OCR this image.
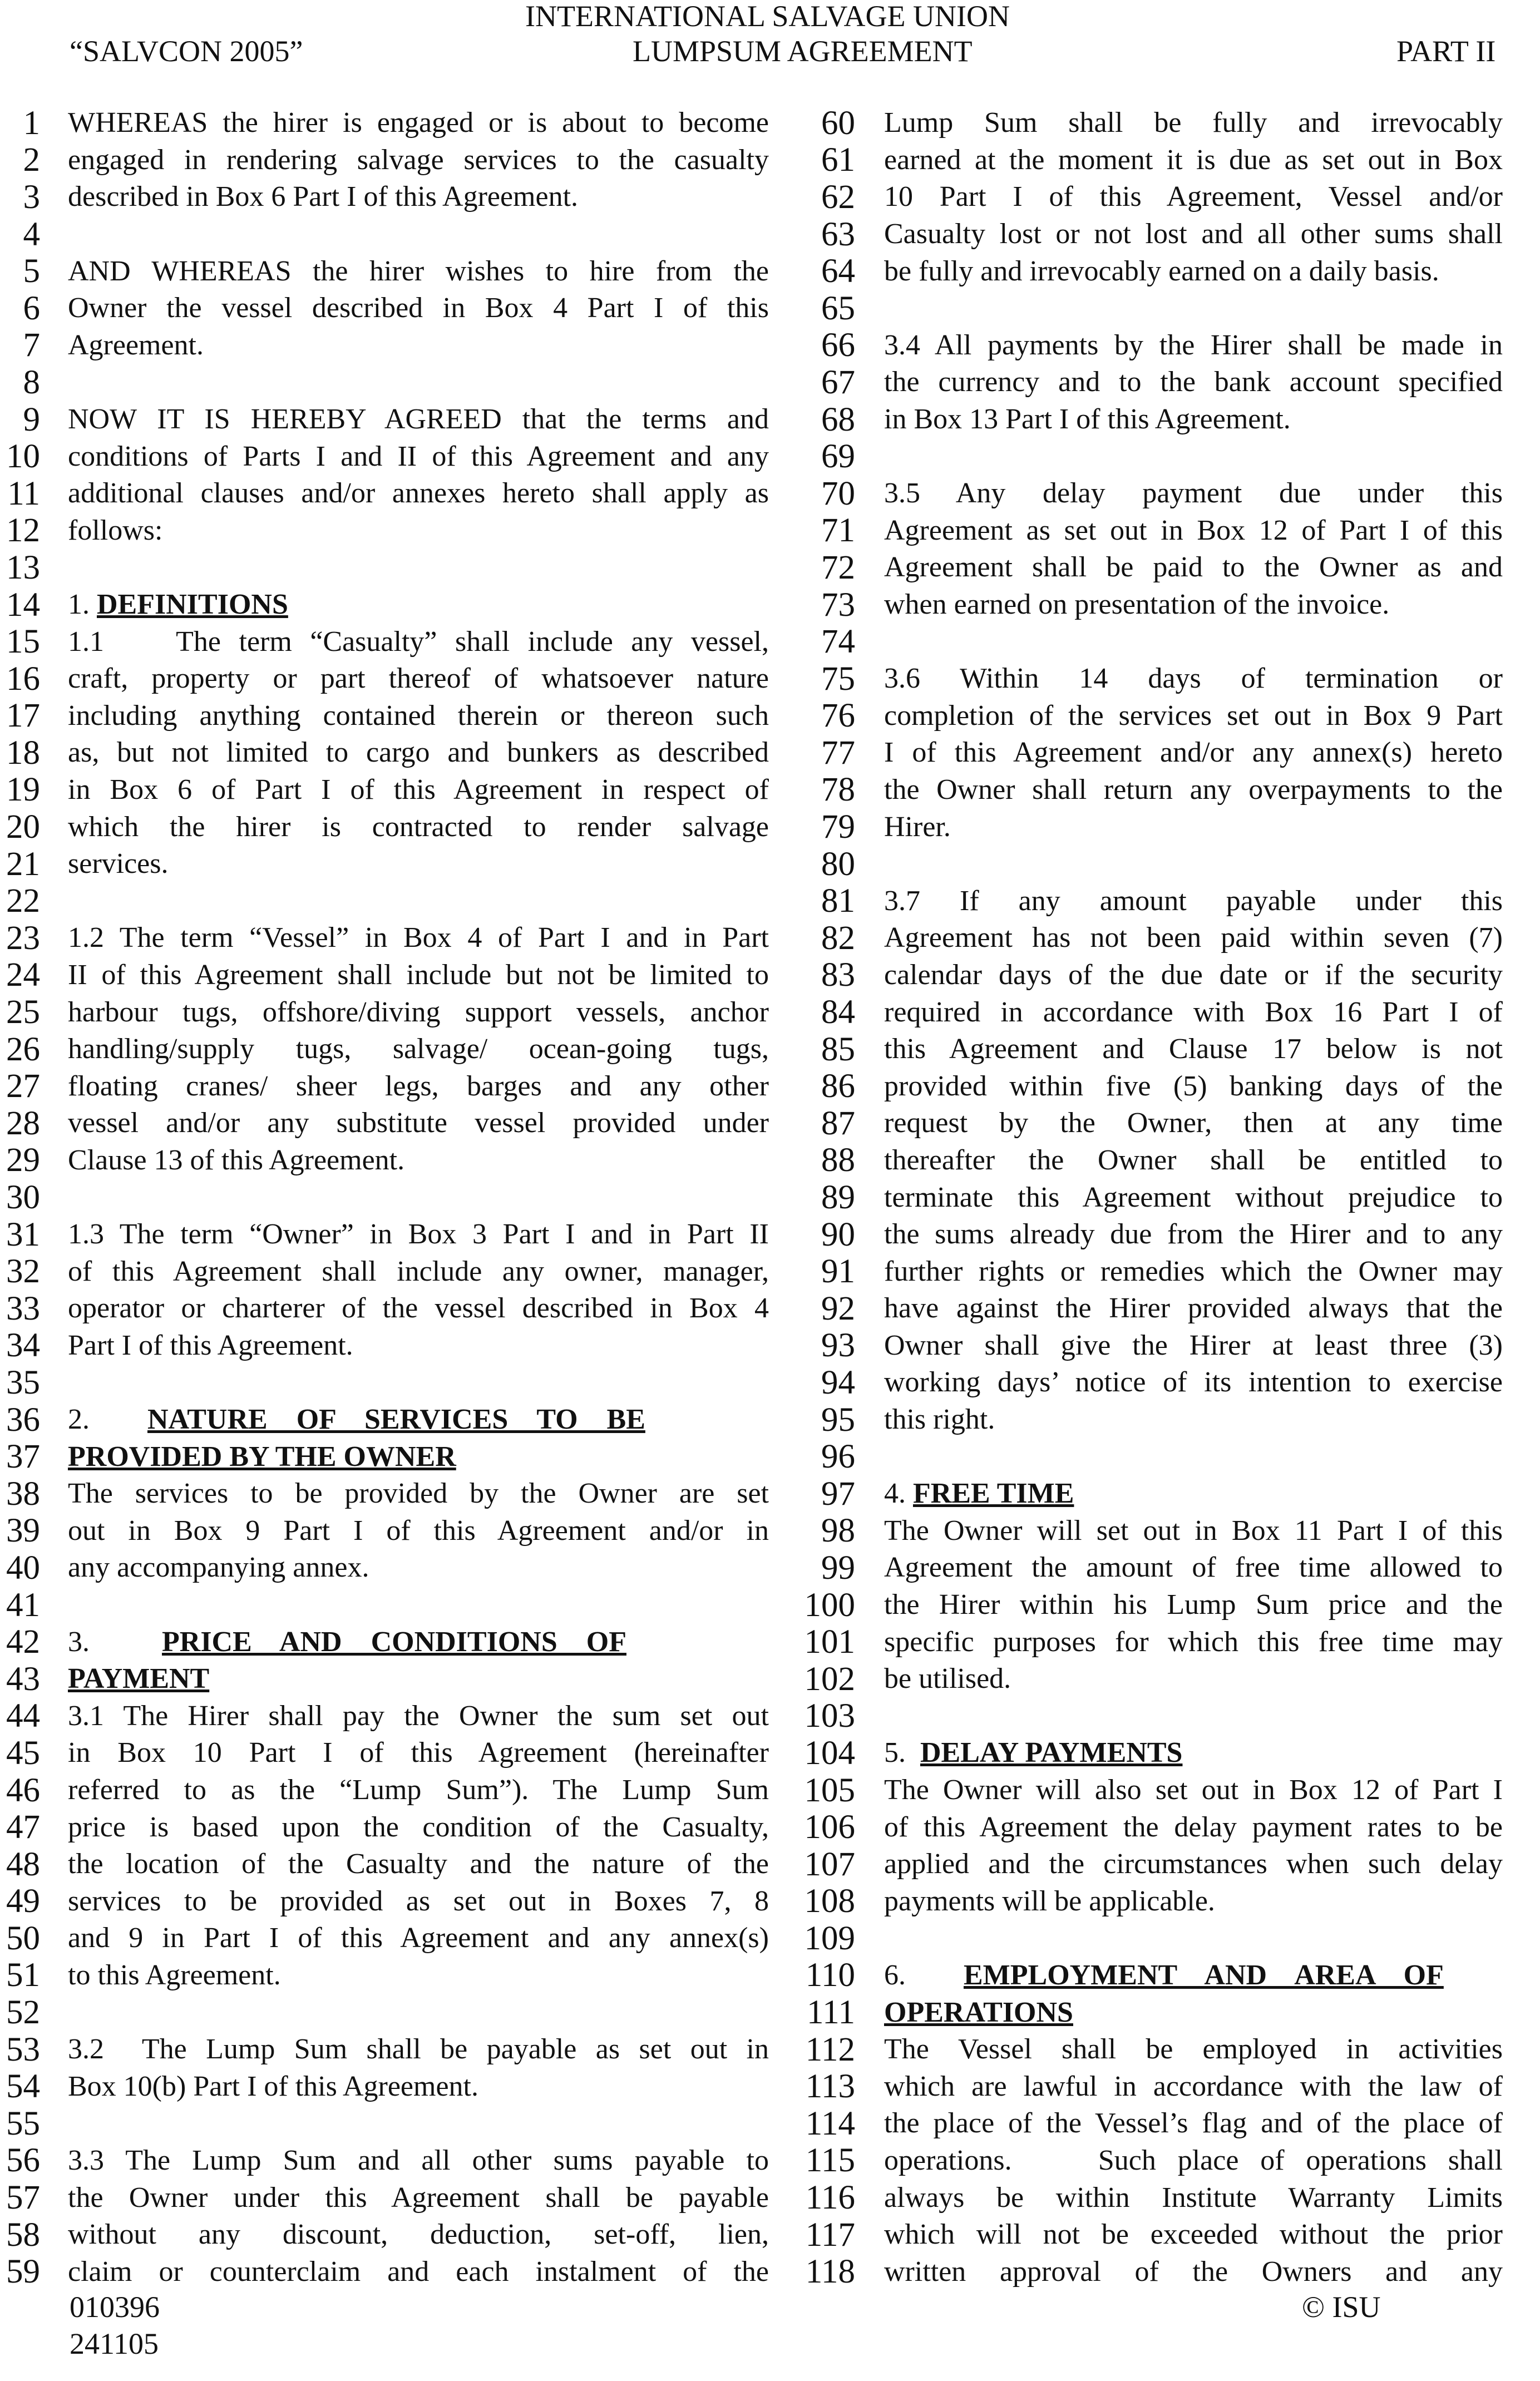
“SALVCON 2005”
INTERNATIONAL SALVAGE UNION
LUMPSUM AGREEMENT	PART II
1 WHEREAS the hirer is engaged or is about to become
2 engaged in rendering salvage services to the casualty
3 described in Box 6 Part I of this Agreement.
4
5 AND WHEREAS the hirer wishes to hire from the
6 Owner the vessel described in Box 4 Part I of this
7 Agreement.
8
9 NOW IT IS HEREBY AGREED that the terms and
10 conditions of Parts I and II of this Agreement and any
11 additional clauses and/or annexes hereto shall apply as
12 follows:
13
14 1. DEFINITIONS
15 1.1    The term “Casualty” shall include any vessel,
16 craft, property or part thereof of whatsoever nature
17 including anything contained therein or thereon such
18 as, but not limited to cargo and bunkers as described
19 in Box 6 of Part I of this Agreement in respect of
20 which the hirer is contracted to render salvage
21 services.
22
23 1.2 The term “Vessel” in Box 4 of Part I and in Part
24 II of this Agreement shall include but not be limited to
25 harbour tugs, offshore/diving support vessels, anchor
26 handling/supply tugs, salvage/ ocean-going tugs,
27 floating cranes/ sheer legs, barges and any other
28 vessel and/or any substitute vessel provided under
29 Clause 13 of this Agreement.
30
31 1.3 The term “Owner” in Box 3 Part I and in Part II
32 of this Agreement shall include any owner, manager,
33 operator or charterer of the vessel described in Box 4
34 Part I of this Agreement.
35
36 2.        NATURE    OF    SERVICES    TO    BE
37 PROVIDED BY THE OWNER
38 The services to be provided by the Owner are set
39 out in Box 9 Part I of this Agreement and/or in
40 any accompanying annex.
41
42 3.          PRICE    AND    CONDITIONS    OF
43 PAYMENT
44 3.1 The Hirer shall pay the Owner the sum set out
45 in Box 10 Part I of this Agreement (hereinafter
46 referred to as the “Lump Sum”). The Lump Sum
47 price is based upon the condition of the Casualty,
48 the location of the Casualty and the nature of the
49 services to be provided as set out in Boxes 7, 8
50 and 9 in Part I of this Agreement and any annex(s)
51 to this Agreement.
52
53 3.2  The Lump Sum shall be payable as set out in
54 Box 10(b) Part I of this Agreement.
55
56 3.3 The Lump Sum and all other sums payable to
57 the Owner under this Agreement shall be payable
58 without any discount, deduction, set-off, lien,
59 claim or counterclaim and each instalment of the
60 Lump Sum shall be fully and irrevocably
61 earned at the moment it is due as set out in Box
62 10 Part I of this Agreement, Vessel and/or
63 Casualty lost or not lost and all other sums shall
64 be fully and irrevocably earned on a daily basis.
65
66 3.4 All payments by the Hirer shall be made in
67 the currency and to the bank account specified
68 in Box 13 Part I of this Agreement.
69
70 3.5 Any delay payment due under this
71 Agreement as set out in Box 12 of Part I of this
72 Agreement shall be paid to the Owner as and
73 when earned on presentation of the invoice.
74
75 3.6 Within 14 days of termination or
76 completion of the services set out in Box 9 Part
77 I of this Agreement and/or any annex(s) hereto
78 the Owner shall return any overpayments to the
79 Hirer.
80
81 3.7 If any amount payable under this
82 Agreement has not been paid within seven (7)
83 calendar days of the due date or if the security
84 required in accordance with Box 16 Part I of
85 this Agreement and Clause 17 below is not
86 provided within five (5) banking days of the
87 request by the Owner, then at any time
88 thereafter the Owner shall be entitled to
89 terminate this Agreement without prejudice to
90 the sums already due from the Hirer and to any
91 further rights or remedies which the Owner may
92 have against the Hirer provided always that the
93 Owner shall give the Hirer at least three (3)
94 working days’ notice of its intention to exercise
95 this right.
96
97 4. FREE TIME
98 The Owner will set out in Box 11 Part I of this
99 Agreement the amount of free time allowed to
100 the Hirer within his Lump Sum price and the
101 specific purposes for which this free time may
102 be utilised.
103
104 5.  DELAY PAYMENTS
105 The Owner will also set out in Box 12 of Part I
106 of this Agreement the delay payment rates to be
107 applied and the circumstances when such delay
108 payments will be applicable.
109
110 6.        EMPLOYMENT    AND    AREA    OF
111 OPERATIONS
112 The Vessel shall be employed in activities
113 which are lawful in accordance with the law of
114 the place of the Vessel’s flag and of the place of
115 operations.    Such place of operations shall
116 always be within Institute Warranty Limits
117 which will not be exceeded without the prior
118 written approval of the Owners and any
010396
241105
© ISU
